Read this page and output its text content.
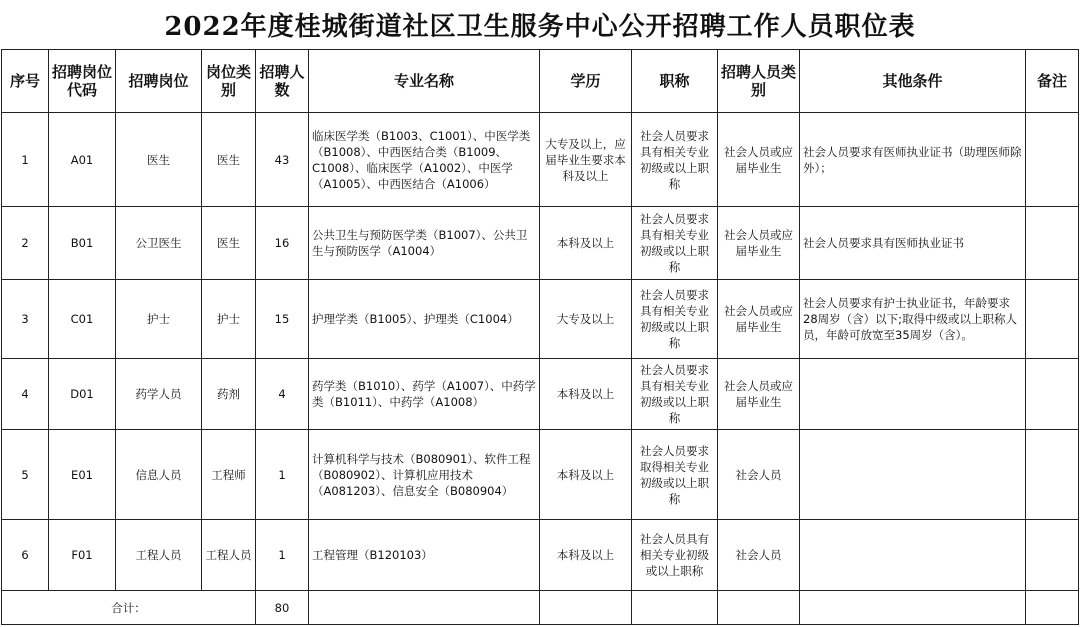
2022年度桂城街道社区卫生服务中心公开招聘工作人员职位表
序号	招聘岗位代码	招聘岗位	岗位类别	招聘人数	专业名称	学历	职称	招聘人员类别	其他条件	备注
1	A01	医生	医生	43	临床医学类（B1003、C1001）、中医学类（B1008）、中西医结合类（B1009、C1008）、临床医学（A1002）、中医学（A1005）、中西医结合（A1006）	大专及以上，应届毕业生要求本科及以上	社会人员要求具有相关专业初级或以上职称	社会人员或应届毕业生	社会人员要求有医师执业证书（助理医师除外）；	
2	B01	公卫医生	医生	16	公共卫生与预防医学类（B1007）、公共卫生与预防医学（A1004）	本科及以上	社会人员要求具有相关专业初级或以上职称	社会人员或应届毕业生	社会人员要求具有医师执业证书	
3	C01	护士	护士	15	护理学类（B1005）、护理类（C1004）	大专及以上	社会人员要求具有相关专业初级或以上职称	社会人员或应届毕业生	社会人员要求有护士执业证书，年龄要求28周岁（含）以下;取得中级或以上职称人员，年龄可放宽至35周岁（含）。	
4	D01	药学人员	药剂	4	药学类（B1010）、药学（A1007）、中药学类（B1011）、中药学（A1008）	本科及以上	社会人员要求具有相关专业初级或以上职称	社会人员或应届毕业生		
5	E01	信息人员	工程师	1	计算机科学与技术（B080901）、软件工程（B080902）、计算机应用技术（A081203）、信息安全（B080904）	本科及以上	社会人员要求取得相关专业初级或以上职称	社会人员		
6	F01	工程人员	工程人员	1	工程管理（B120103）	本科及以上	社会人员具有相关专业初级或以上职称	社会人员		
合计：				80						
